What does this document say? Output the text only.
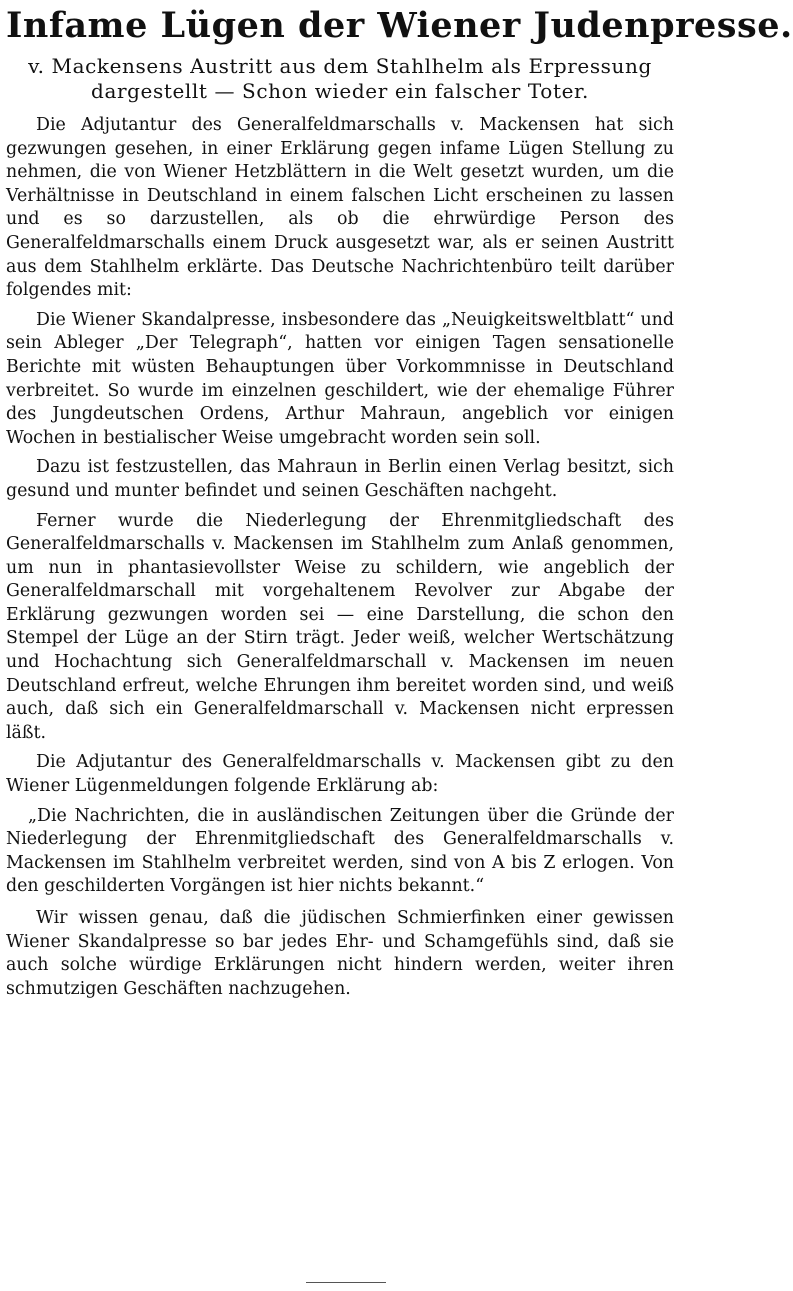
Infame Lügen der Wiener Judenpresse.
v. Mackensens Austritt aus dem Stahlhelm als Erpressung dargestellt — Schon wieder ein falscher Toter.

Die Adjutantur des Generalfeldmarschalls v. Mackensen hat sich gezwungen gesehen, in einer Erklärung gegen infame Lügen Stellung zu nehmen, die von Wiener Hetzblättern in die Welt gesetzt wurden, um die Verhältnisse in Deutschland in einem falschen Licht erscheinen zu lassen und es so darzustellen, als ob die ehrwürdige Person des Generalfeldmarschalls einem Druck ausgesetzt war, als er seinen Austritt aus dem Stahlhelm erklärte. Das Deutsche Nachrichtenbüro teilt darüber folgendes mit:

Die Wiener Skandalpresse, insbesondere das „Neuigkeitsweltblatt“ und sein Ableger „Der Telegraph“, hatten vor einigen Tagen sensationelle Berichte mit wüsten Behauptungen über Vorkommnisse in Deutschland verbreitet. So wurde im einzelnen geschildert, wie der ehemalige Führer des Jungdeutschen Ordens, Arthur Mahraun, angeblich vor einigen Wochen in bestialischer Weise umgebracht worden sein soll.

Dazu ist festzustellen, das Mahraun in Berlin einen Verlag besitzt, sich gesund und munter befindet und seinen Geschäften nachgeht.

Ferner wurde die Niederlegung der Ehrenmitgliedschaft des Generalfeldmarschalls v. Mackensen im Stahlhelm zum Anlaß genommen, um nun in phantasievollster Weise zu schildern, wie angeblich der Generalfeldmarschall mit vorgehaltenem Revolver zur Abgabe der Erklärung gezwungen worden sei — eine Darstellung, die schon den Stempel der Lüge an der Stirn trägt. Jeder weiß, welcher Wertschätzung und Hochachtung sich Generalfeldmarschall v. Mackensen im neuen Deutschland erfreut, welche Ehrungen ihm bereitet worden sind, und weiß auch, daß sich ein Generalfeldmarschall v. Mackensen nicht erpressen läßt.

Die Adjutantur des Generalfeldmarschalls v. Mackensen gibt zu den Wiener Lügenmeldungen folgende Erklärung ab:

„Die Nachrichten, die in ausländischen Zeitungen über die Gründe der Niederlegung der Ehrenmitgliedschaft des Generalfeldmarschalls v. Mackensen im Stahlhelm verbreitet werden, sind von A bis Z erlogen. Von den geschilderten Vorgängen ist hier nichts bekannt.“

Wir wissen genau, daß die jüdischen Schmierfinken einer gewissen Wiener Skandalpresse so bar jedes Ehr- und Schamgefühls sind, daß sie auch solche würdige Erklärungen nicht hindern werden, weiter ihren schmutzigen Geschäften nachzugehen.
